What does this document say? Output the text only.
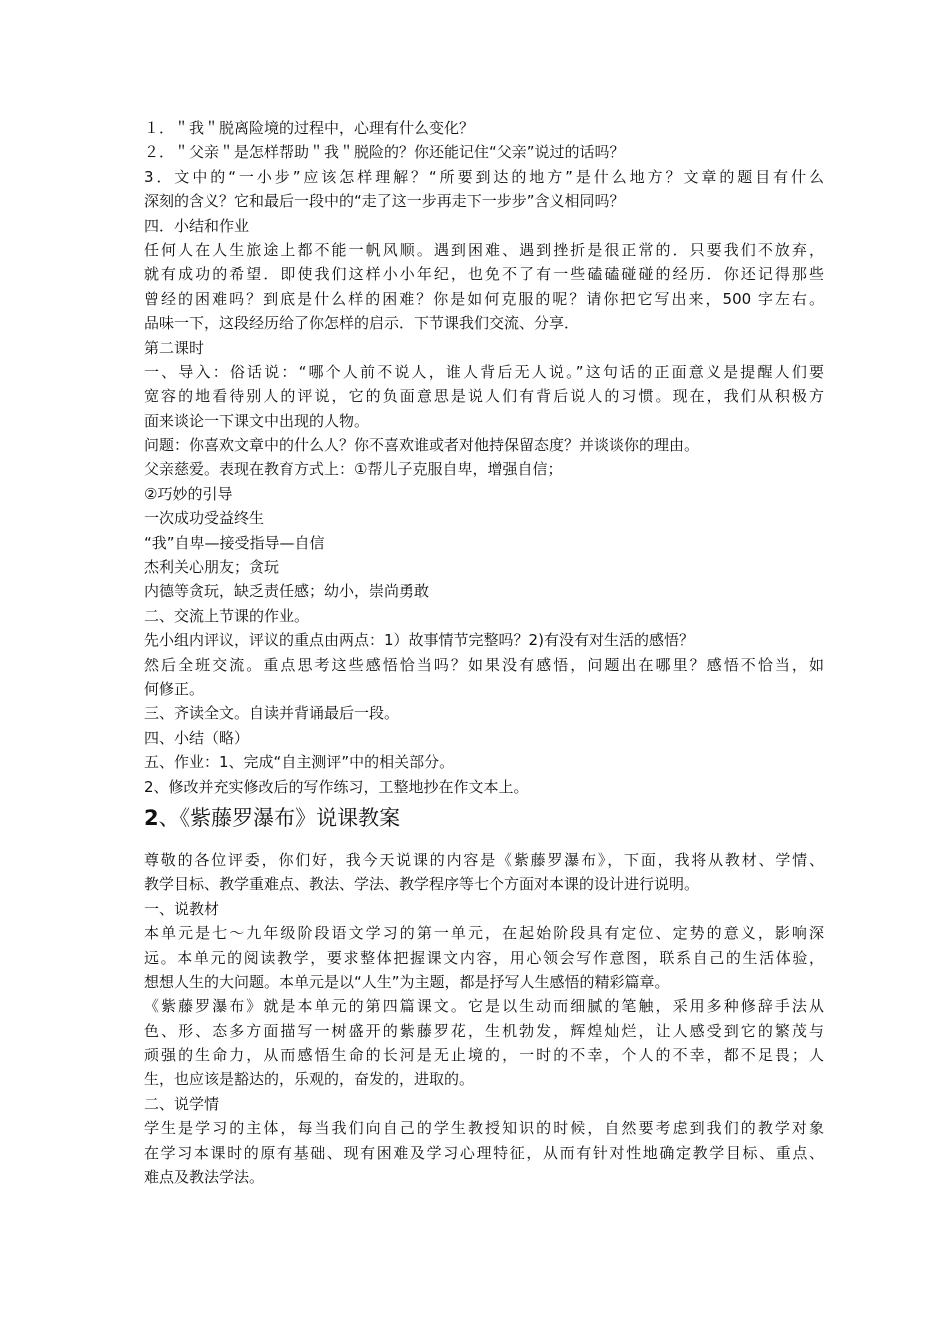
１．＂我＂脱离险境的过程中，心理有什么变化？
２．＂父亲＂是怎样帮助＂我＂脱险的？你还能记住“父亲”说过的话吗？
3．文中的“一小步”应该怎样理解？“所要到达的地方”是什么地方？文章的题目有什么
深刻的含义？它和最后一段中的“走了这一步再走下一步步”含义相同吗？
四．小结和作业
任何人在人生旅途上都不能一帆风顺。遇到困难、遇到挫折是很正常的．只要我们不放弃，
就有成功的希望．即使我们这样小小年纪，也免不了有一些磕磕碰碰的经历．你还记得那些
曾经的困难吗？到底是什么样的困难？你是如何克服的呢？请你把它写出来，500 字左右。
品味一下，这段经历给了你怎样的启示．下节课我们交流、分享．
第二课时
一、导入：俗话说：“哪个人前不说人，谁人背后无人说。”这句话的正面意义是提醒人们要
宽容的地看待别人的评说，它的负面意思是说人们有背后说人的习惯。现在，我们从积极方
面来谈论一下课文中出现的人物。
问题：你喜欢文章中的什么人？你不喜欢谁或者对他持保留态度？并谈谈你的理由。
父亲慈爱。表现在教育方式上：①帮儿子克服自卑，增强自信；
②巧妙的引导
一次成功受益终生
“我”自卑—接受指导—自信
杰利关心朋友；贪玩
内德等贪玩，缺乏责任感；幼小，崇尚勇敢
二、交流上节课的作业。
先小组内评议，评议的重点由两点：1）故事情节完整吗？2)有没有对生活的感悟？
然后全班交流。重点思考这些感悟恰当吗？如果没有感悟，问题出在哪里？感悟不恰当，如
何修正。
三、齐读全文。自读并背诵最后一段。
四、小结（略）
五、作业：1、完成“自主测评”中的相关部分。
2、修改并充实修改后的写作练习，工整地抄在作文本上。
2、《紫藤罗瀑布》说课教案
尊敬的各位评委，你们好，我今天说课的内容是《紫藤罗瀑布》，下面，我将从教材、学情、
教学目标、教学重难点、教法、学法、教学程序等七个方面对本课的设计进行说明。
一、说教材
本单元是七～九年级阶段语文学习的第一单元，在起始阶段具有定位、定势的意义，影响深
远。本单元的阅读教学，要求整体把握课文内容，用心领会写作意图，联系自己的生活体验，
想想人生的大问题。本单元是以“人生”为主题，都是抒写人生感悟的精彩篇章。
《紫藤罗瀑布》就是本单元的第四篇课文。它是以生动而细腻的笔触，采用多种修辞手法从
色、形、态多方面描写一树盛开的紫藤罗花，生机勃发，辉煌灿烂，让人感受到它的繁茂与
顽强的生命力，从而感悟生命的长河是无止境的，一时的不幸，个人的不幸，都不足畏；人
生，也应该是豁达的，乐观的，奋发的，进取的。
二、说学情
学生是学习的主体，每当我们向自己的学生教授知识的时候，自然要考虑到我们的教学对象
在学习本课时的原有基础、现有困难及学习心理特征，从而有针对性地确定教学目标、重点、
难点及教法学法。
